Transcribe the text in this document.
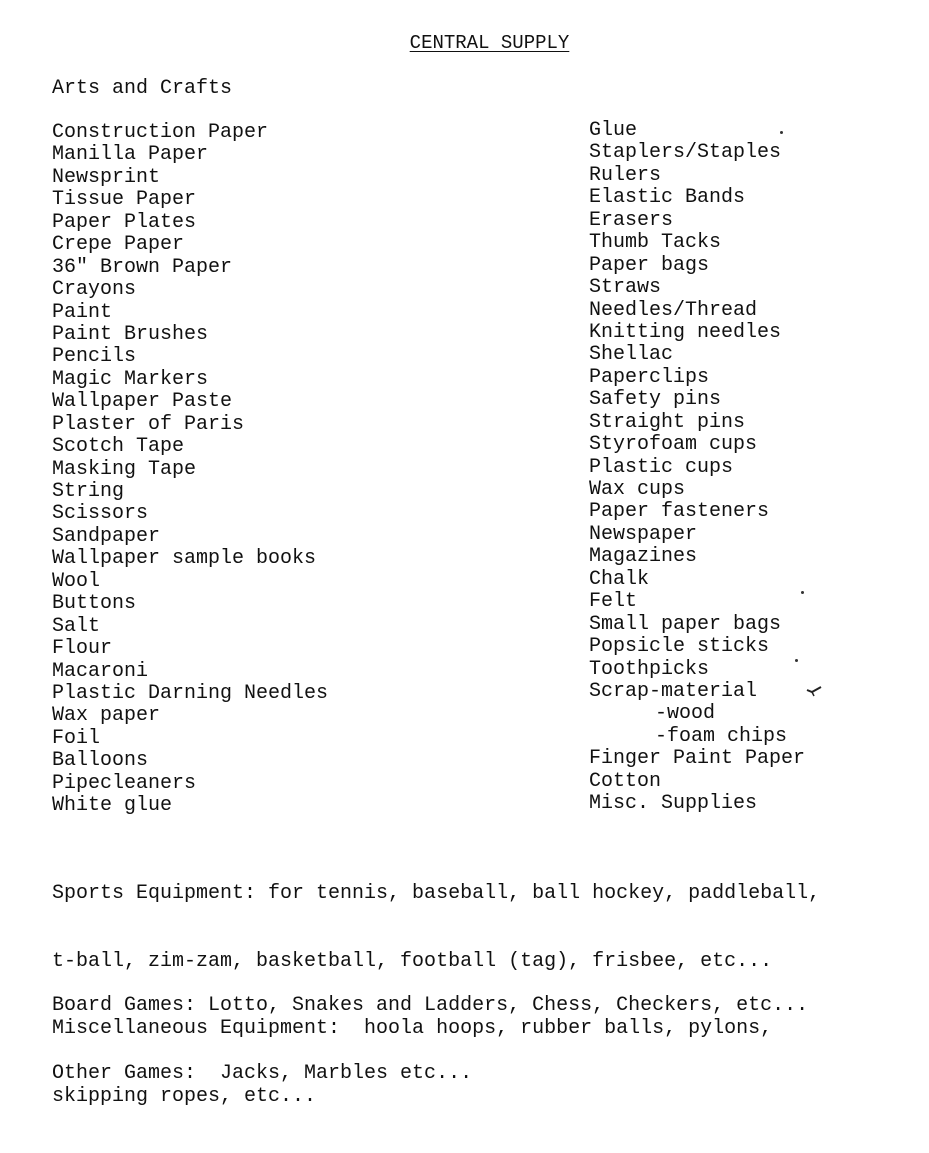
CENTRAL SUPPLY
Arts and Crafts
Construction Paper
Manilla Paper
Newsprint
Tissue Paper
Paper Plates
Crepe Paper
36" Brown Paper
Crayons
Paint
Paint Brushes
Pencils
Magic Markers
Wallpaper Paste
Plaster of Paris
Scotch Tape
Masking Tape
String
Scissors
Sandpaper
Wallpaper sample books
Wool
Buttons
Salt
Flour
Macaroni
Plastic Darning Needles
Wax paper
Foil
Balloons
Pipecleaners
White glue
Glue
Staplers/Staples
Rulers
Elastic Bands
Erasers
Thumb Tacks
Paper bags
Straws
Needles/Thread
Knitting needles
Shellac
Paperclips
Safety pins
Straight pins
Styrofoam cups
Plastic cups
Wax cups
Paper fasteners
Newspaper
Magazines
Chalk
Felt
Small paper bags
Popsicle sticks
Toothpicks
Scrap-material
-wood
-foam chips
Finger Paint Paper
Cotton
Misc. Supplies

Sports Equipment: for tennis, baseball, ball hockey, paddleball,

t-ball, zim-zam, basketball, football (tag), frisbee, etc...

Miscellaneous Equipment:  hoola hoops, rubber balls, pylons,

skipping ropes, etc...

Board Games: Lotto, Snakes and Ladders, Chess, Checkers, etc...

Other Games:  Jacks, Marbles etc...
